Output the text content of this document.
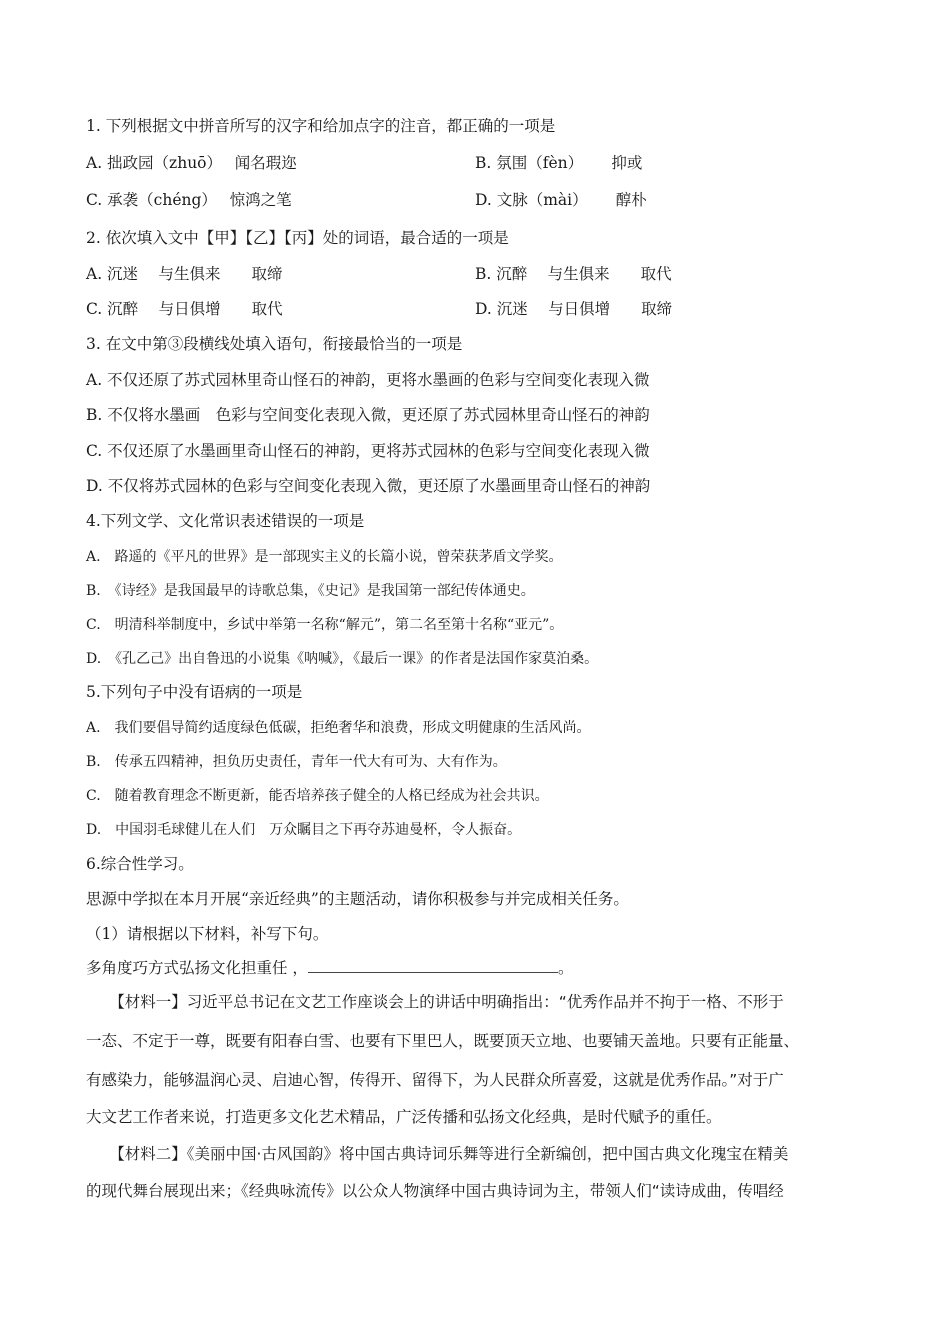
1. 下列根据文中拼音所写的汉字和给加点字的注音，都正确的一项是
A. 拙政园（zhuō）　 闻名瑕迩	B. 氛围（fèn）　　 抑或
C. 承袭（chéng）　 惊鸿之笔	D. 文脉（mài）　　 醇朴
2. 依次填入文中【甲】【乙】【丙】处的词语，最合适的一项是
A. 沉迷　 与生俱来　　取缔	B. 沉醉　 与生俱来　　取代
C. 沉醉　 与日俱增　　取代	D. 沉迷　 与日俱增　　取缔
3. 在文中第③段横线处填入语句，衔接最恰当的一项是
A. 不仅还原了苏式园林里奇山怪石的神韵，更将水墨画的色彩与空间变化表现入微
B. 不仅将水墨画　色彩与空间变化表现入微，更还原了苏式园林里奇山怪石的神韵
C. 不仅还原了水墨画里奇山怪石的神韵，更将苏式园林的色彩与空间变化表现入微
D. 不仅将苏式园林的色彩与空间变化表现入微，更还原了水墨画里奇山怪石的神韵
4.下列文学、文化常识表述错误的一项是
A.　路遥的《平凡的世界》是一部现实主义的长篇小说，曾荣获茅盾文学奖。
B.　《诗经》是我国最早的诗歌总集，《史记》是我国第一部纪传体通史。
C.　明清科举制度中，乡试中举第一名称“解元”，第二名至第十名称“亚元”。
D.　《孔乙己》出自鲁迅的小说集《呐喊》，《最后一课》的作者是法国作家莫泊桑。
5.下列句子中没有语病的一项是
A.　我们要倡导简约适度绿色低碳，拒绝奢华和浪费，形成文明健康的生活风尚。
B.　传承五四精神，担负历史责任，青年一代大有可为、大有作为。
C.　随着教育理念不断更新，能否培养孩子健全的人格已经成为社会共识。
D.　中国羽毛球健儿在人们　万众瞩目之下再夺苏迪曼杯，令人振奋。
6.综合性学习。
思源中学拟在本月开展“亲近经典”的主题活动，请你积极参与并完成相关任务。
（1）请根据以下材料，补写下句。
多角度巧方式弘扬文化担重任 ，	。
　　【材料一】习近平总书记在文艺工作座谈会上的讲话中明确指出：“优秀作品并不拘于一格、不形于
一态、不定于一尊，既要有阳春白雪、也要有下里巴人，既要顶天立地、也要铺天盖地。只要有正能量、
有感染力，能够温润心灵、启迪心智，传得开、留得下，为人民群众所喜爱，这就是优秀作品。”对于广
大文艺工作者来说，打造更多文化艺术精品，广泛传播和弘扬文化经典，是时代赋予的重任。
　　【材料二】《美丽中国·古风国韵》将中国古典诗词乐舞等进行全新编创，把中国古典文化瑰宝在精美
的现代舞台展现出来；《经典咏流传》以公众人物演绎中国古典诗词为主，带领人们“读诗成曲，传唱经
